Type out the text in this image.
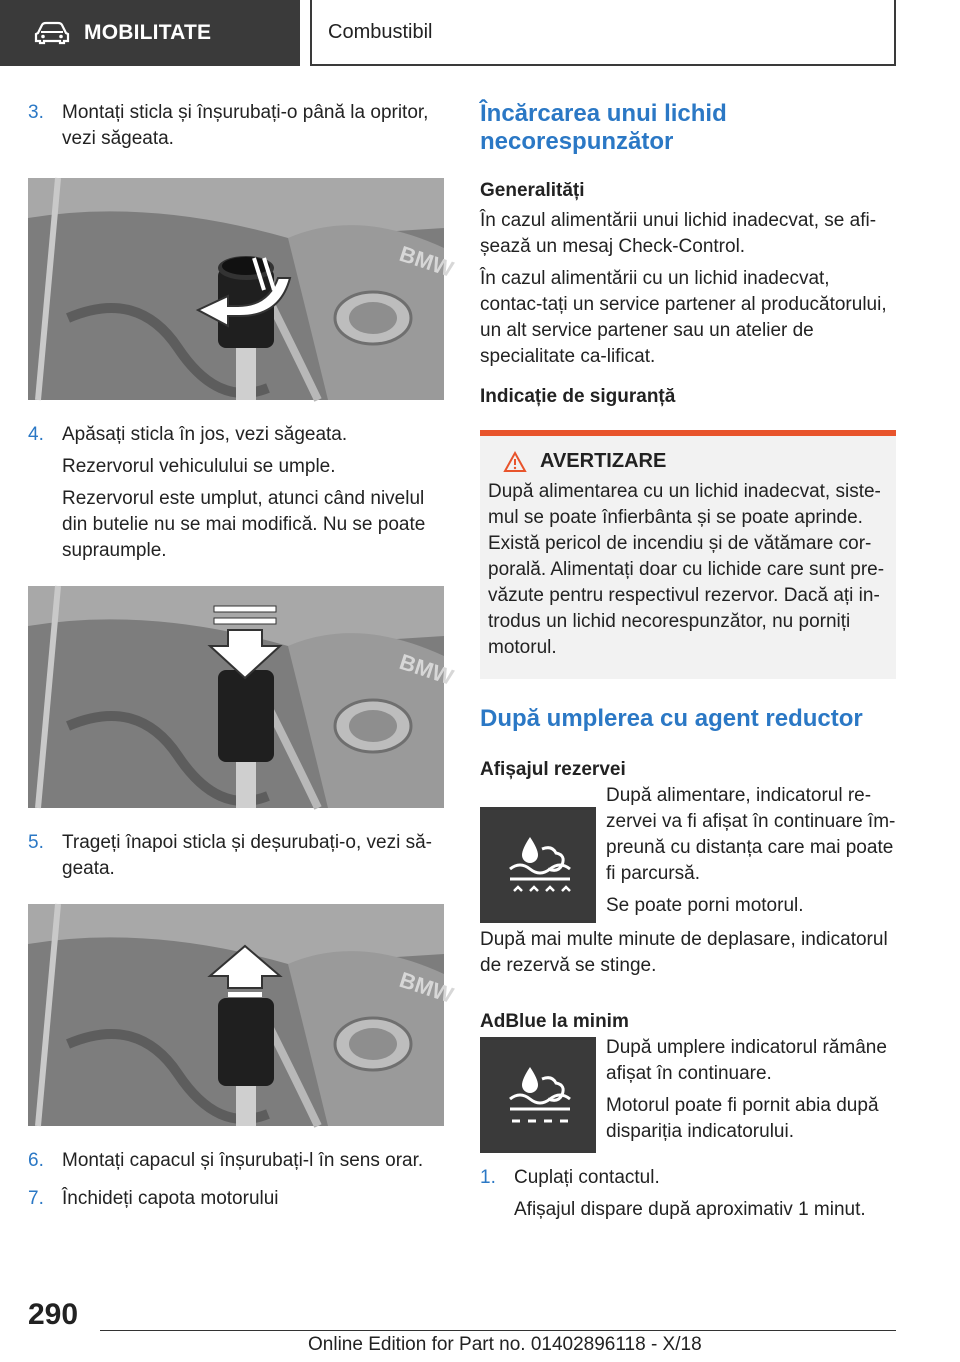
MOBILITATE	Combustibil
3. Montați sticla și înșurubați-o până la opritor, vezi săgeata.

BMW
4. Apăsați sticla în jos, vezi săgeata.

Rezervorul vehiculului se umple.

Rezervorul este umplut, atunci când nivelul din butelie nu se mai modifică. Nu se poate supraumple.

BMW
5. Trageți înapoi sticla și deșurubați-o, vezi să-geata.

BMW
6. Montați capacul și înșurubați-l în sens orar.

7. Închideți capota motorului

Încărcarea unui lichid necorespunzător
Generalități

În cazul alimentării unui lichid inadecvat, se afi-șează un mesaj Check-Control.

În cazul alimentării cu un lichid inadecvat, contac-tați un service partener al producătorului, un alt service partener sau un atelier de specialitate ca-lificat.

Indicație de siguranță
AVERTIZARE

După alimentarea cu un lichid inadecvat, siste-mul se poate înfierbânta și se poate aprinde. Există pericol de incendiu și de vătămare cor-porală. Alimentați doar cu lichide care sunt pre-văzute pentru respectivul rezervor. Dacă ați in-trodus un lichid necorespunzător, nu porniți motorul.

După umplerea cu agent reductor
Afișajul rezervei

După alimentare, indicatorul re-zervei va fi afișat în continuare îm-preună cu distanța care mai poate fi parcursă.

Se poate porni motorul.

După mai multe minute de deplasare, indicatorul de rezervă se stinge.

AdBlue la minim

După umplere indicatorul rămâne afișat în continuare.

Motorul poate fi pornit abia după dispariția indicatorului.

1. Cuplați contactul.

Afișajul dispare după aproximativ 1 minut.

290
Online Edition for Part no. 01402896118 - X/18
